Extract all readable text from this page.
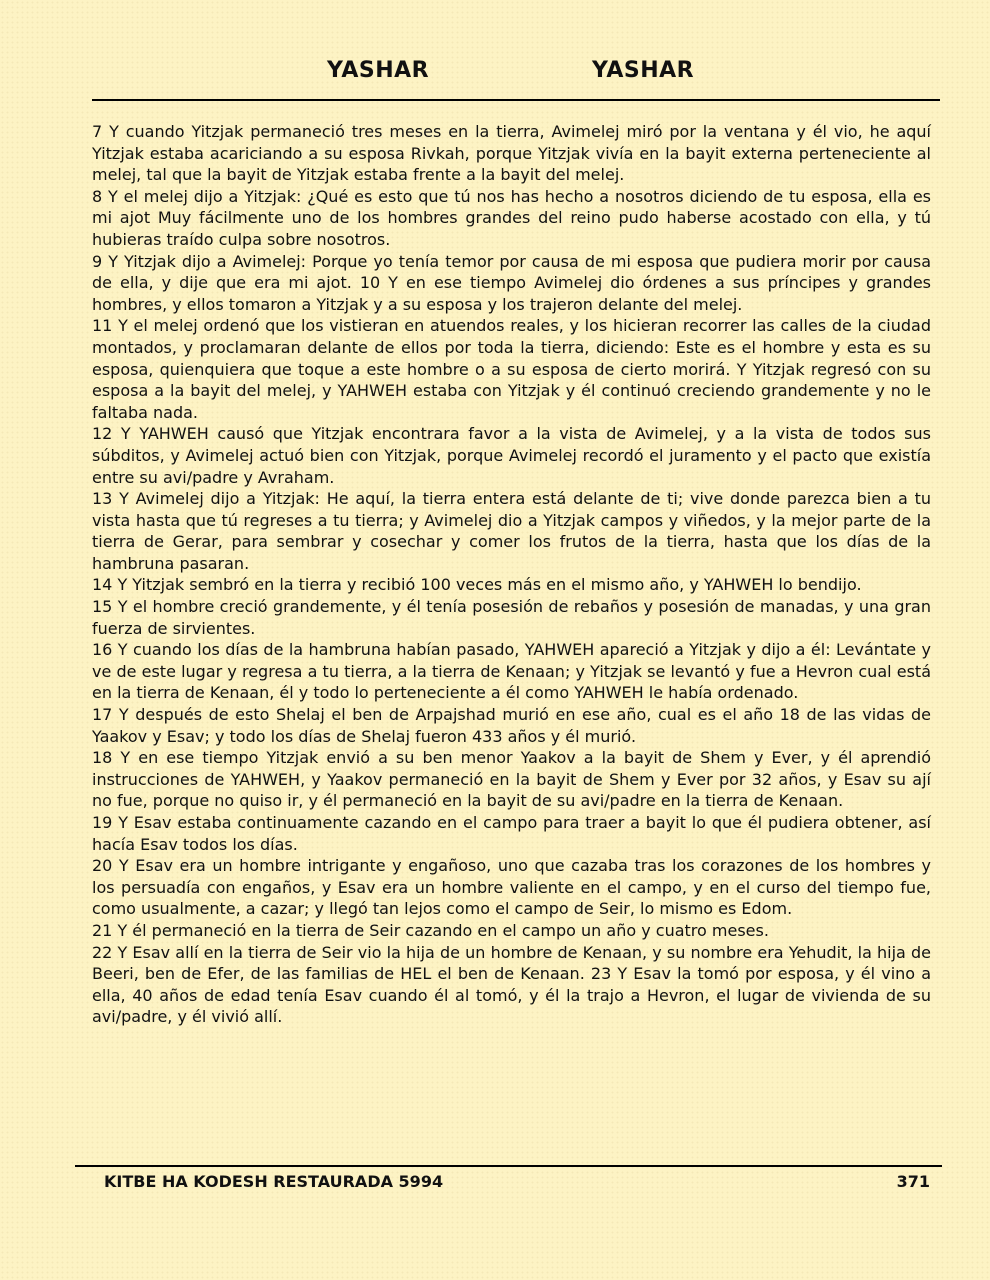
YASHAR	YASHAR

7 Y cuando Yitzjak permaneció tres meses en la tierra, Avimelej miró por la ventana y él vio, he aquí Yitzjak estaba acariciando a su esposa Rivkah, porque Yitzjak vivía en la bayit externa perteneciente al melej, tal que la bayit de Yitzjak estaba frente a la bayit del melej.

8 Y el melej dijo a Yitzjak: ¿Qué es esto que tú nos has hecho a nosotros diciendo de tu esposa, ella es mi ajot Muy fácilmente uno de los hombres grandes del reino pudo haberse acostado con ella, y tú hubieras traído culpa sobre nosotros.

9 Y Yitzjak dijo a Avimelej: Porque yo tenía temor por causa de mi esposa que pudiera morir por causa de ella, y dije que era mi ajot. 10 Y en ese tiempo Avimelej dio órdenes a sus príncipes y grandes hombres, y ellos tomaron a Yitzjak y a su esposa y los trajeron delante del melej.

11 Y el melej ordenó que los vistieran en atuendos reales, y los hicieran recorrer las calles de la ciudad montados, y proclamaran delante de ellos por toda la tierra, diciendo: Este es el hombre y esta es su esposa, quienquiera que toque a este hombre o a su esposa de cierto morirá. Y Yitzjak regresó con su esposa a la bayit del melej, y YAHWEH estaba con Yitzjak y él continuó creciendo grandemente y no le faltaba nada.

12 Y YAHWEH causó que Yitzjak encontrara favor a la vista de Avimelej, y a la vista de todos sus súbditos, y Avimelej actuó bien con Yitzjak, porque Avimelej recordó el juramento y el pacto que existía entre su avi/padre y Avraham.

13 Y Avimelej dijo a Yitzjak: He aquí, la tierra entera está delante de ti; vive donde parezca bien a tu vista hasta que tú regreses a tu tierra; y Avimelej dio a Yitzjak campos y viñedos, y la mejor parte de la tierra de Gerar, para sembrar y cosechar y comer los frutos de la tierra, hasta que los días de la hambruna pasaran.

14 Y Yitzjak sembró en la tierra y recibió 100 veces más en el mismo año, y YAHWEH lo bendijo.

15 Y el hombre creció grandemente, y él tenía posesión de rebaños y posesión de manadas, y una gran fuerza de sirvientes.

16 Y cuando los días de la hambruna habían pasado, YAHWEH apareció a Yitzjak y dijo a él: Levántate y ve de este lugar y regresa a tu tierra, a la tierra de Kenaan; y Yitzjak se levantó y fue a Hevron cual está en la tierra de Kenaan, él y todo lo perteneciente a él como YAHWEH le había ordenado.

17 Y después de esto Shelaj el ben de Arpajshad murió en ese año, cual es el año 18 de las vidas de Yaakov y Esav; y todo los días de Shelaj fueron 433 años y él murió.

18 Y en ese tiempo Yitzjak envió a su ben menor Yaakov a la bayit de Shem y Ever, y él aprendió instrucciones de YAHWEH, y Yaakov permaneció en la bayit de Shem y Ever por 32 años, y Esav su ají no fue, porque no quiso ir, y él permaneció en la bayit de su avi/padre en la tierra de Kenaan.

19 Y Esav estaba continuamente cazando en el campo para traer a bayit lo que él pudiera obtener, así hacía Esav todos los días.

20 Y Esav era un hombre intrigante y engañoso, uno que cazaba tras los corazones de los hombres y los persuadía con engaños, y Esav era un hombre valiente en el campo, y en el curso del tiempo fue, como usualmente, a cazar; y llegó tan lejos como el campo de Seir, lo mismo es Edom.

21 Y él permaneció en la tierra de Seir cazando en el campo un año y cuatro meses.

22 Y Esav allí en la tierra de Seir vio la hija de un hombre de Kenaan, y su nombre era Yehudit, la hija de Beeri, ben de Efer, de las familias de HEL el ben de Kenaan. 23 Y Esav la tomó por esposa, y él vino a ella, 40 años de edad tenía Esav cuando él al tomó, y él la trajo a Hevron, el lugar de vivienda de su avi/padre, y él vivió allí.

KITBE HA KODESH RESTAURADA 5994	371
